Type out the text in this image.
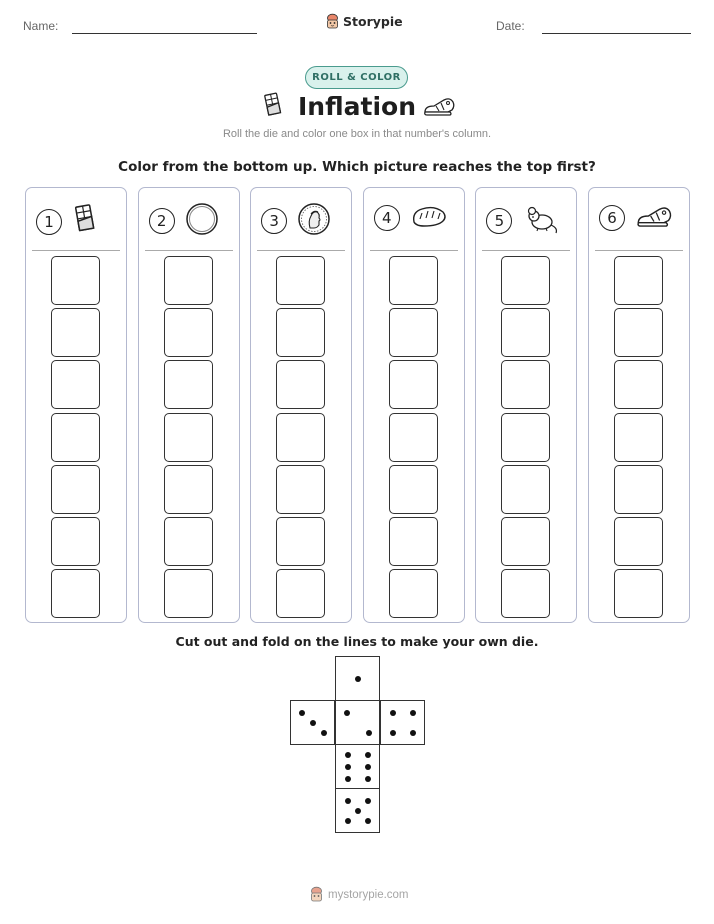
Name:	Date:
Storypie
ROLL & COLOR
Inflation
Roll the die and color one box in that number's column.
Color from the bottom up. Which picture reaches the top first?
1	2	3	4	5	6
Cut out and fold on the lines to make your own die.
mystorypie.com
